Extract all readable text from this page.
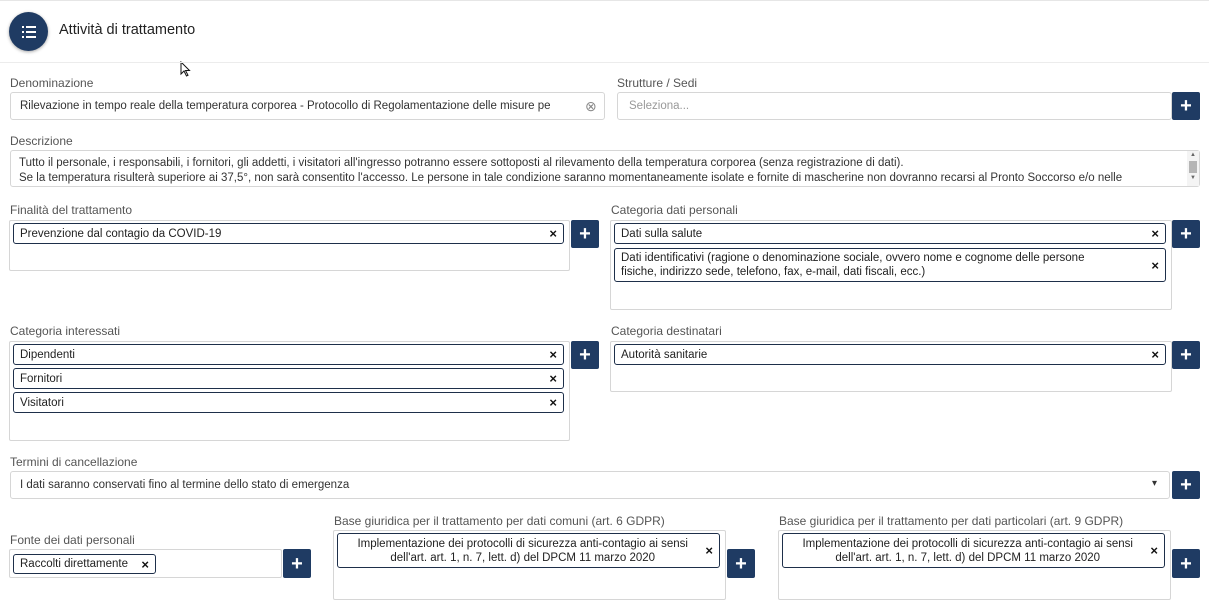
Attività di trattamento
Denominazione
Rilevazione in tempo reale della temperatura corporea - Protocollo di Regolamentazione delle misure pe	⊗
Strutture / Sedi
Seleziona...	+
Descrizione
Tutto il personale, i responsabili, i fornitori, gli addetti, i visitatori all'ingresso potranno essere sottoposti al rilevamento della temperatura corporea (senza registrazione di dati).
Se la temperatura risulterà superiore ai 37,5°, non sarà consentito l'accesso. Le persone in tale condizione saranno momentaneamente isolate e fornite di mascherine non dovranno recarsi al Pronto Soccorso e/o nelle
▲
▼
Finalità del trattamento
Prevenzione dal contagio da COVID-19	×	+
Categoria dati personali
Dati sulla salute	×
Dati identificativi (ragione o denominazione sociale, ovvero nome e cognome delle persone fisiche, indirizzo sede, telefono, fax, e-mail, dati fiscali, ecc.)	×
+
Categoria interessati
Dipendenti	×
Fornitori	×
Visitatori	×
+
Categoria destinatari
Autorità sanitarie	×	+
Termini di cancellazione
I dati saranno conservati fino al termine dello stato di emergenza	▾	+
Fonte dei dati personali
Raccolti direttamente ×	+
Base giuridica per il trattamento per dati comuni (art. 6 GDPR)
Implementazione dei protocolli di sicurezza anti-contagio ai sensi dell'art. art. 1, n. 7, lett. d) del DPCM 11 marzo 2020	×
+
Base giuridica per il trattamento per dati particolari (art. 9 GDPR)
Implementazione dei protocolli di sicurezza anti-contagio ai sensi dell'art. art. 1, n. 7, lett. d) del DPCM 11 marzo 2020	×
+
